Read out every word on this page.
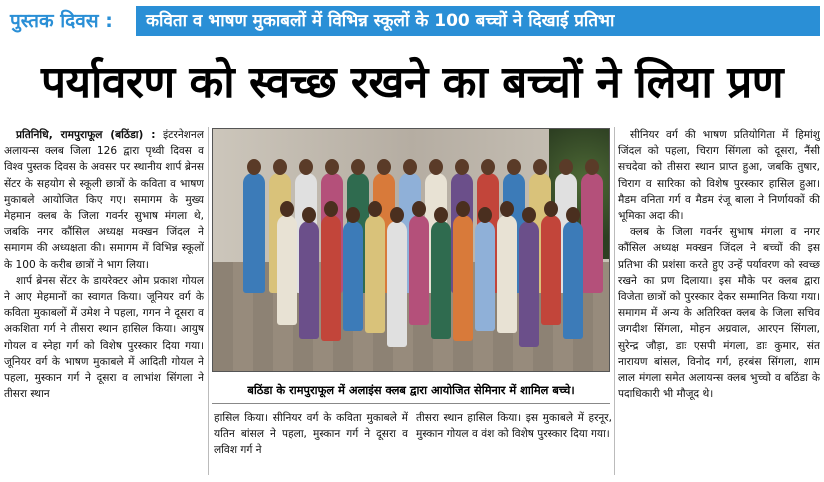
पुस्तक दिवस :	कविता व भाषण मुकाबलों में विभिन्न स्कूलों के 100 बच्चों ने दिखाई प्रतिभा
पर्यावरण को स्वच्छ रखने का बच्चों ने लिया प्रण

प्रतिनिधि, रामपुराफूल (बठिंडा) : इंटरनेशनल अलायन्स क्लब जिला 126 द्वारा पृथ्वी दिवस व विश्व पुस्तक दिवस के अवसर पर स्थानीय शार्प ब्रेनस सेंटर के सहयोग से स्कूली छात्रों के कविता व भाषण मुकाबले आयोजित किए गए। समागम के मुख्य मेहमान क्लब के जिला गवर्नर सुभाष मंगला थे, जबकि नगर कौंसिल अध्यक्ष मक्खन जिंदल ने समागम की अध्यक्षता की। समागम में विभिन्न स्कूलों के 100 के करीब छात्रों ने भाग लिया।

शार्प ब्रेनस सेंटर के डायरेक्टर ओम प्रकाश गोयल ने आए मेहमानों का स्वागत किया। जूनियर वर्ग के कविता मुकाबलों में उमेश ने पहला, गगन ने दूसरा व अकशिता गर्ग ने तीसरा स्थान हासिल किया। आयुष गोयल व स्नेहा गर्ग को विशेष पुरस्कार दिया गया। जूनियर वर्ग के भाषण मुकाबले में आदिती गोयल ने पहला, मुस्कान गर्ग ने दूसरा व लाभांश सिंगला ने तीसरा स्थान	बठिंडा के रामपुराफूल में अलाइंस क्लब द्वारा आयोजित सेमिनार में शामिल बच्चे।

हासिल किया। सीनियर वर्ग के कविता मुकाबले में यतिन बांसल ने पहला, मुस्कान गर्ग ने दूसरा व लविश गर्ग ने

तीसरा स्थान हासिल किया। इस मुकाबले में हरनूर, मुस्कान गोयल व वंश को विशेष पुरस्कार दिया गया।

सीनियर वर्ग की भाषण प्रतियोगिता में हिमांशु जिंदल को पहला, चिराग सिंगला को दूसरा, नैंसी सचदेवा को तीसरा स्थान प्राप्त हुआ, जबकि तुषार, चिराग व सारिका को विशेष पुरस्कार हासिल हुआ। मैडम वनिता गर्ग व मैडम रंजू बाला ने निर्णायकों की भूमिका अदा की।

क्लब के जिला गवर्नर सुभाष मंगला व नगर कौंसिल अध्यक्ष मक्खन जिंदल ने बच्चों की इस प्रतिभा की प्रशंसा करते हुए उन्हें पर्यावरण को स्वच्छ रखने का प्रण दिलाया। इस मौके पर क्लब द्वारा विजेता छात्रों को पुरस्कार देकर सम्मानित किया गया। समागम में अन्य के अतिरिक्त क्लब के जिला सचिव जगदीश सिंगला, मोहन अग्रवाल, आरएन सिंगला, सुरेन्द्र जौड़ा, डाः एसपी मंगला, डाः कुमार, संत नारायण बांसल, विनोद गर्ग, हरबंस सिंगला, शाम लाल मंगला समेत अलायन्स क्लब भुच्चो व बठिंडा के पदाधिकारी भी मौजूद थे।
